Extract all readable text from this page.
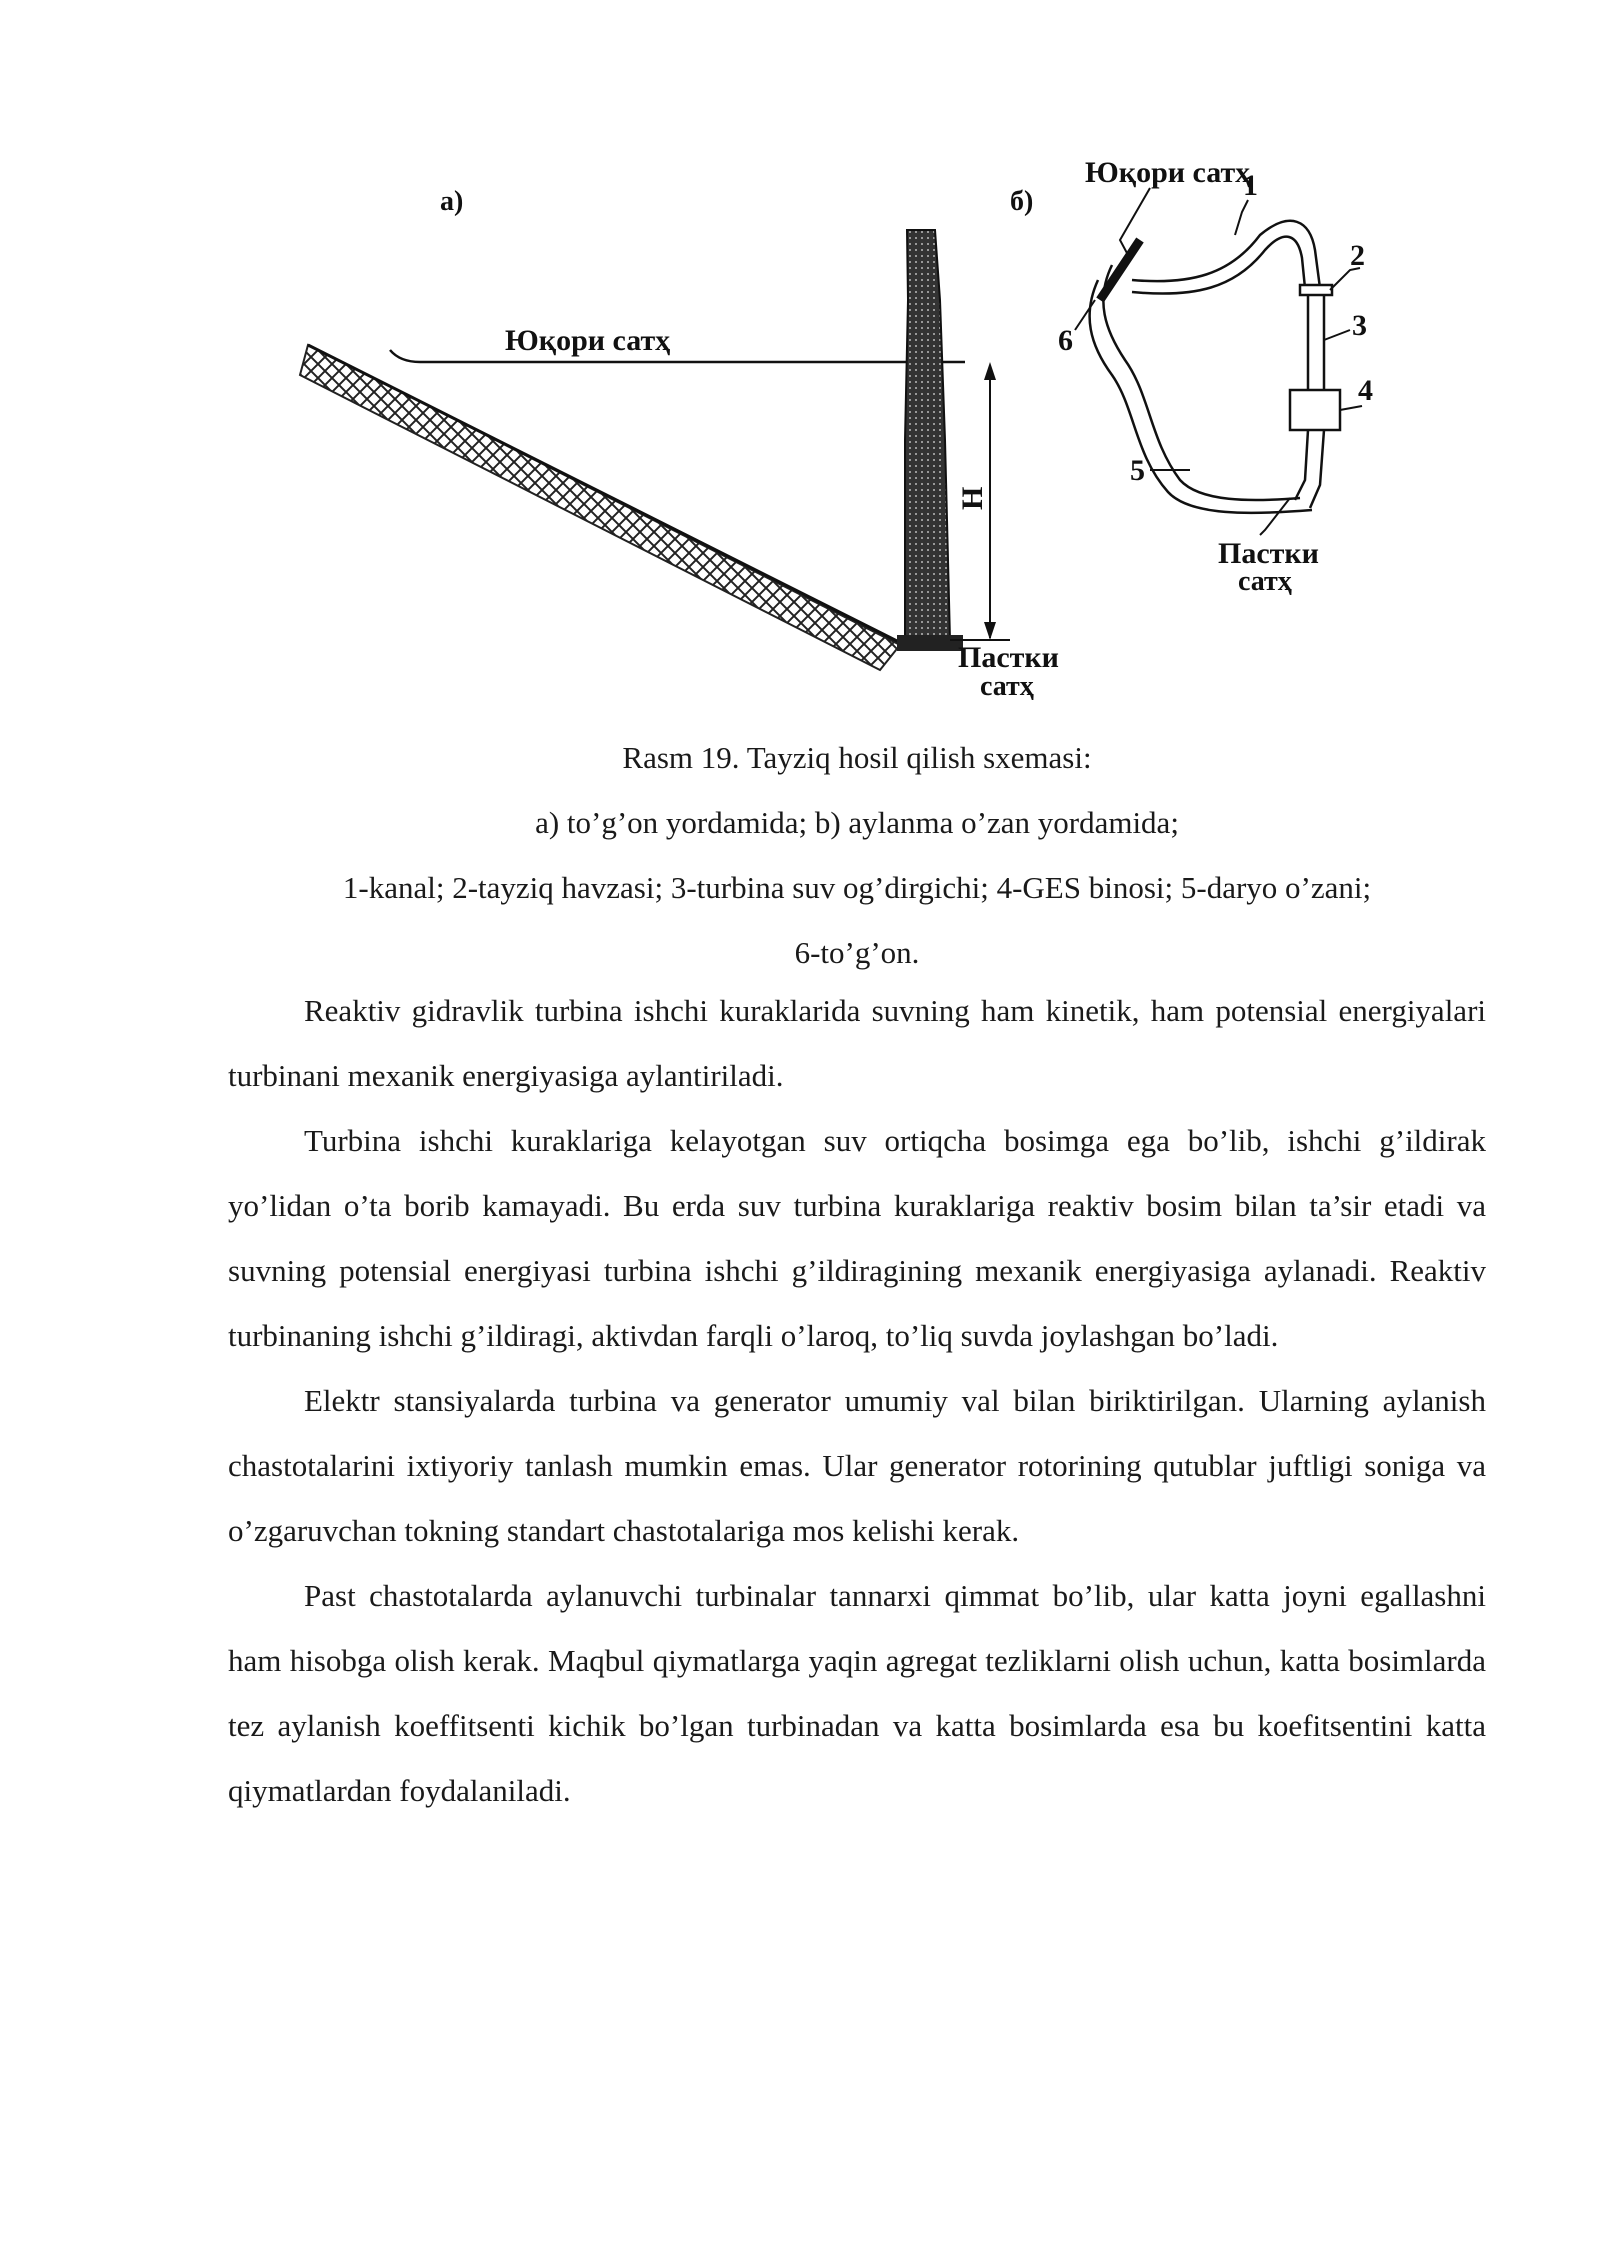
а)
Юқори сатҳ
H
Пастки
сатҳ
б)
Юқори сатҳ
1
2
3
4
5
6
Пастки
сатҳ
Rasm 19. Tayziq hosil qilish sxemasi:
a) to’g’on yordamida; b) aylanma o’zan yordamida;
1-kanal; 2-tayziq havzasi; 3-turbina suv og’dirgichi; 4-GES binosi; 5-daryo o’zani;
6-to’g’on.

Reaktiv gidravlik turbina ishchi kuraklarida suvning ham kinetik, ham potensial energiyalari turbinani mexanik energiyasiga aylantiriladi.

Turbina ishchi kuraklariga kelayotgan suv ortiqcha bosimga ega bo’lib, ishchi g’ildirak yo’lidan o’ta borib kamayadi. Bu erda suv turbina kuraklariga reaktiv bosim bilan ta’sir etadi va suvning potensial energiyasi turbina ishchi g’ildiragining mexanik energiyasiga aylanadi. Reaktiv turbinaning ishchi g’ildiragi, aktivdan farqli o’laroq, to’liq suvda joylashgan bo’ladi.

Elektr stansiyalarda turbina va generator umumiy val bilan biriktirilgan. Ularning aylanish chastotalarini ixtiyoriy tanlash mumkin emas. Ular generator rotorining qutublar juftligi soniga va o’zgaruvchan tokning standart chastotalariga mos kelishi kerak.

Past chastotalarda aylanuvchi turbinalar tannarxi qimmat bo’lib, ular katta joyni egallashni ham hisobga olish kerak. Maqbul qiymatlarga yaqin agregat tezliklarni olish uchun, katta bosimlarda tez aylanish koeffitsenti kichik bo’lgan turbinadan va katta bosimlarda esa bu koefitsentini katta qiymatlardan foydalaniladi.
